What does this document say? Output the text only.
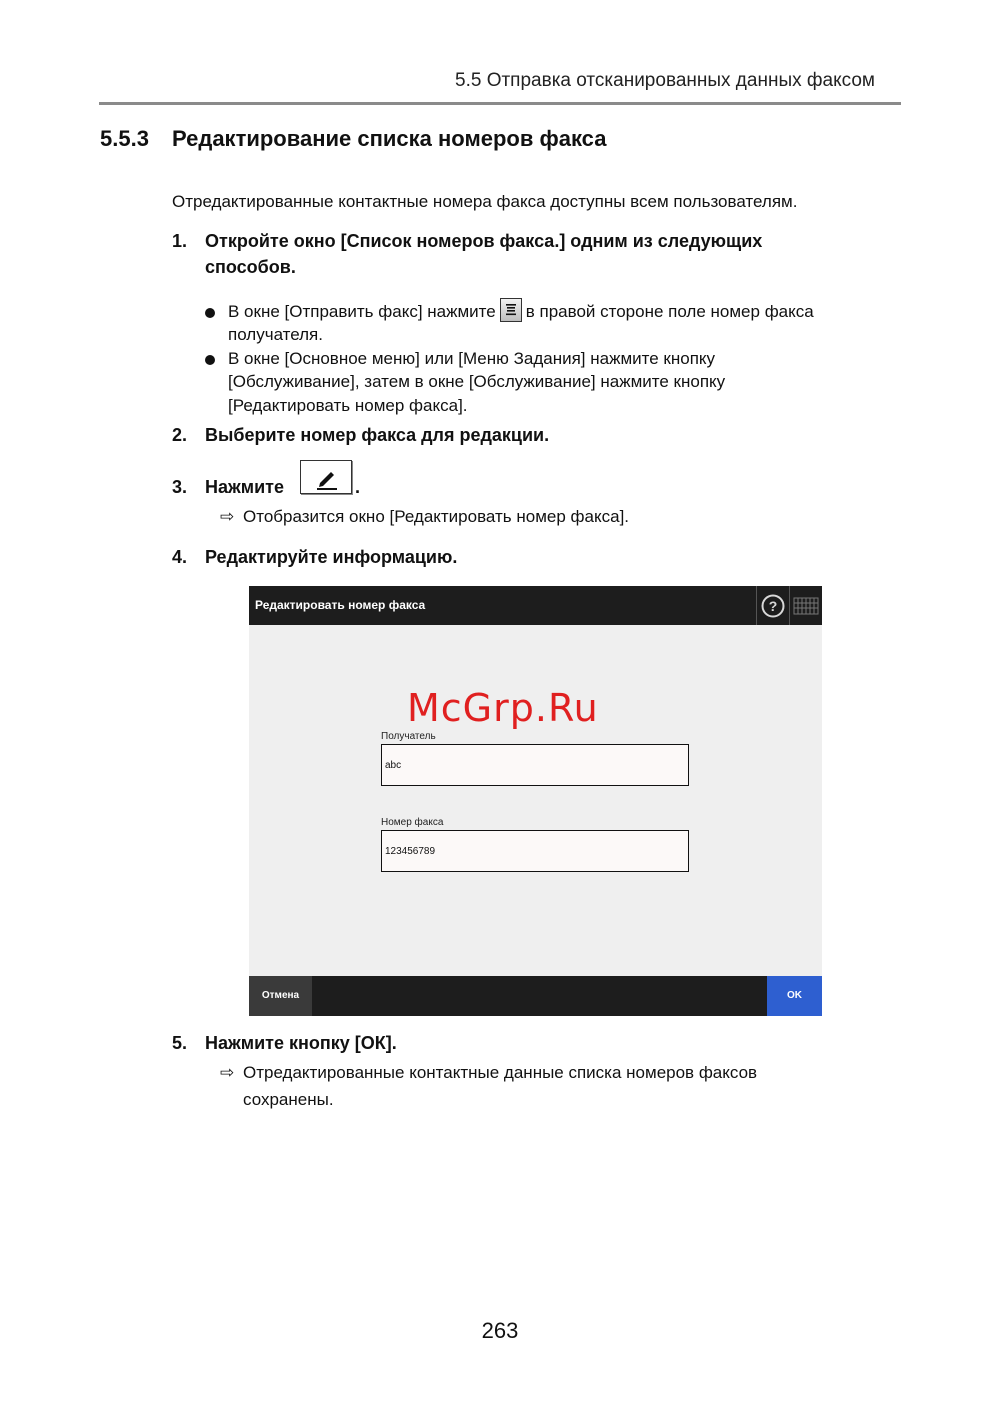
5.5 Отправка отсканированных данных факсом
5.5.3 Редактирование списка номеров факса
Отредактированные контактные номера факса доступны всем пользователям.
1. Откройте окно [Список номеров факса.] одним из следующих
способов.
В окне [Отправить факс] нажмите в правой стороне поле номер факса
получателя.
В окне [Основное меню] или [Меню Задания] нажмите кнопку
[Обслуживание], затем в окне [Обслуживание] нажмите кнопку
[Редактировать номер факса].
2. Выберите номер факса для редакции.
3. Нажмите	.
⇨ Отобразится окно [Редактировать номер факса].
4. Редактируйте информацию.
Редактировать номер факса	?
McGrp.Ru
Получатель
abc
Номер факса
123456789
Отмена	OK
5. Нажмите кнопку [ОК].
⇨ Отредактированные контактные данные списка номеров факсов
сохранены.
263
